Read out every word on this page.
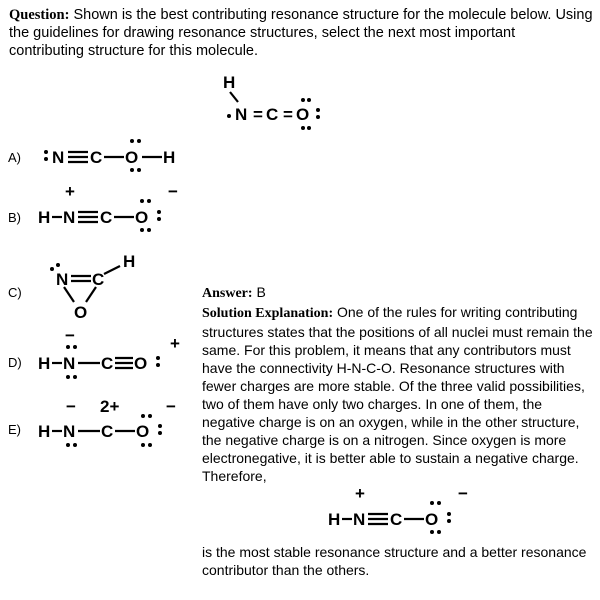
Question: Shown is the best contributing resonance structure for the molecule below. Using the guidelines for drawing resonance structures, select the next most important contributing structure for this molecule.
H
N = C = O
A) N C O H
B)
+	−
H N C O
C)
N C
H
O
D)
−	+
H N C O
E)
− 2+	−
H N C O
Answer: B
Solution Explanation: One of the rules for writing contributing structures states that the positions of all nuclei must remain the same. For this problem, it means that any contributors must have the connectivity H-N-C-O. Resonance structures with fewer charges are more stable. Of the three valid possibilities, two of them have only two charges. In one of them, the negative charge is on an oxygen, while in the other structure, the negative charge is on a nitrogen. Since oxygen is more electronegative, it is better able to sustain a negative charge. Therefore,
+	−
H N C O
is the most stable resonance structure and a better resonance contributor than the others.
